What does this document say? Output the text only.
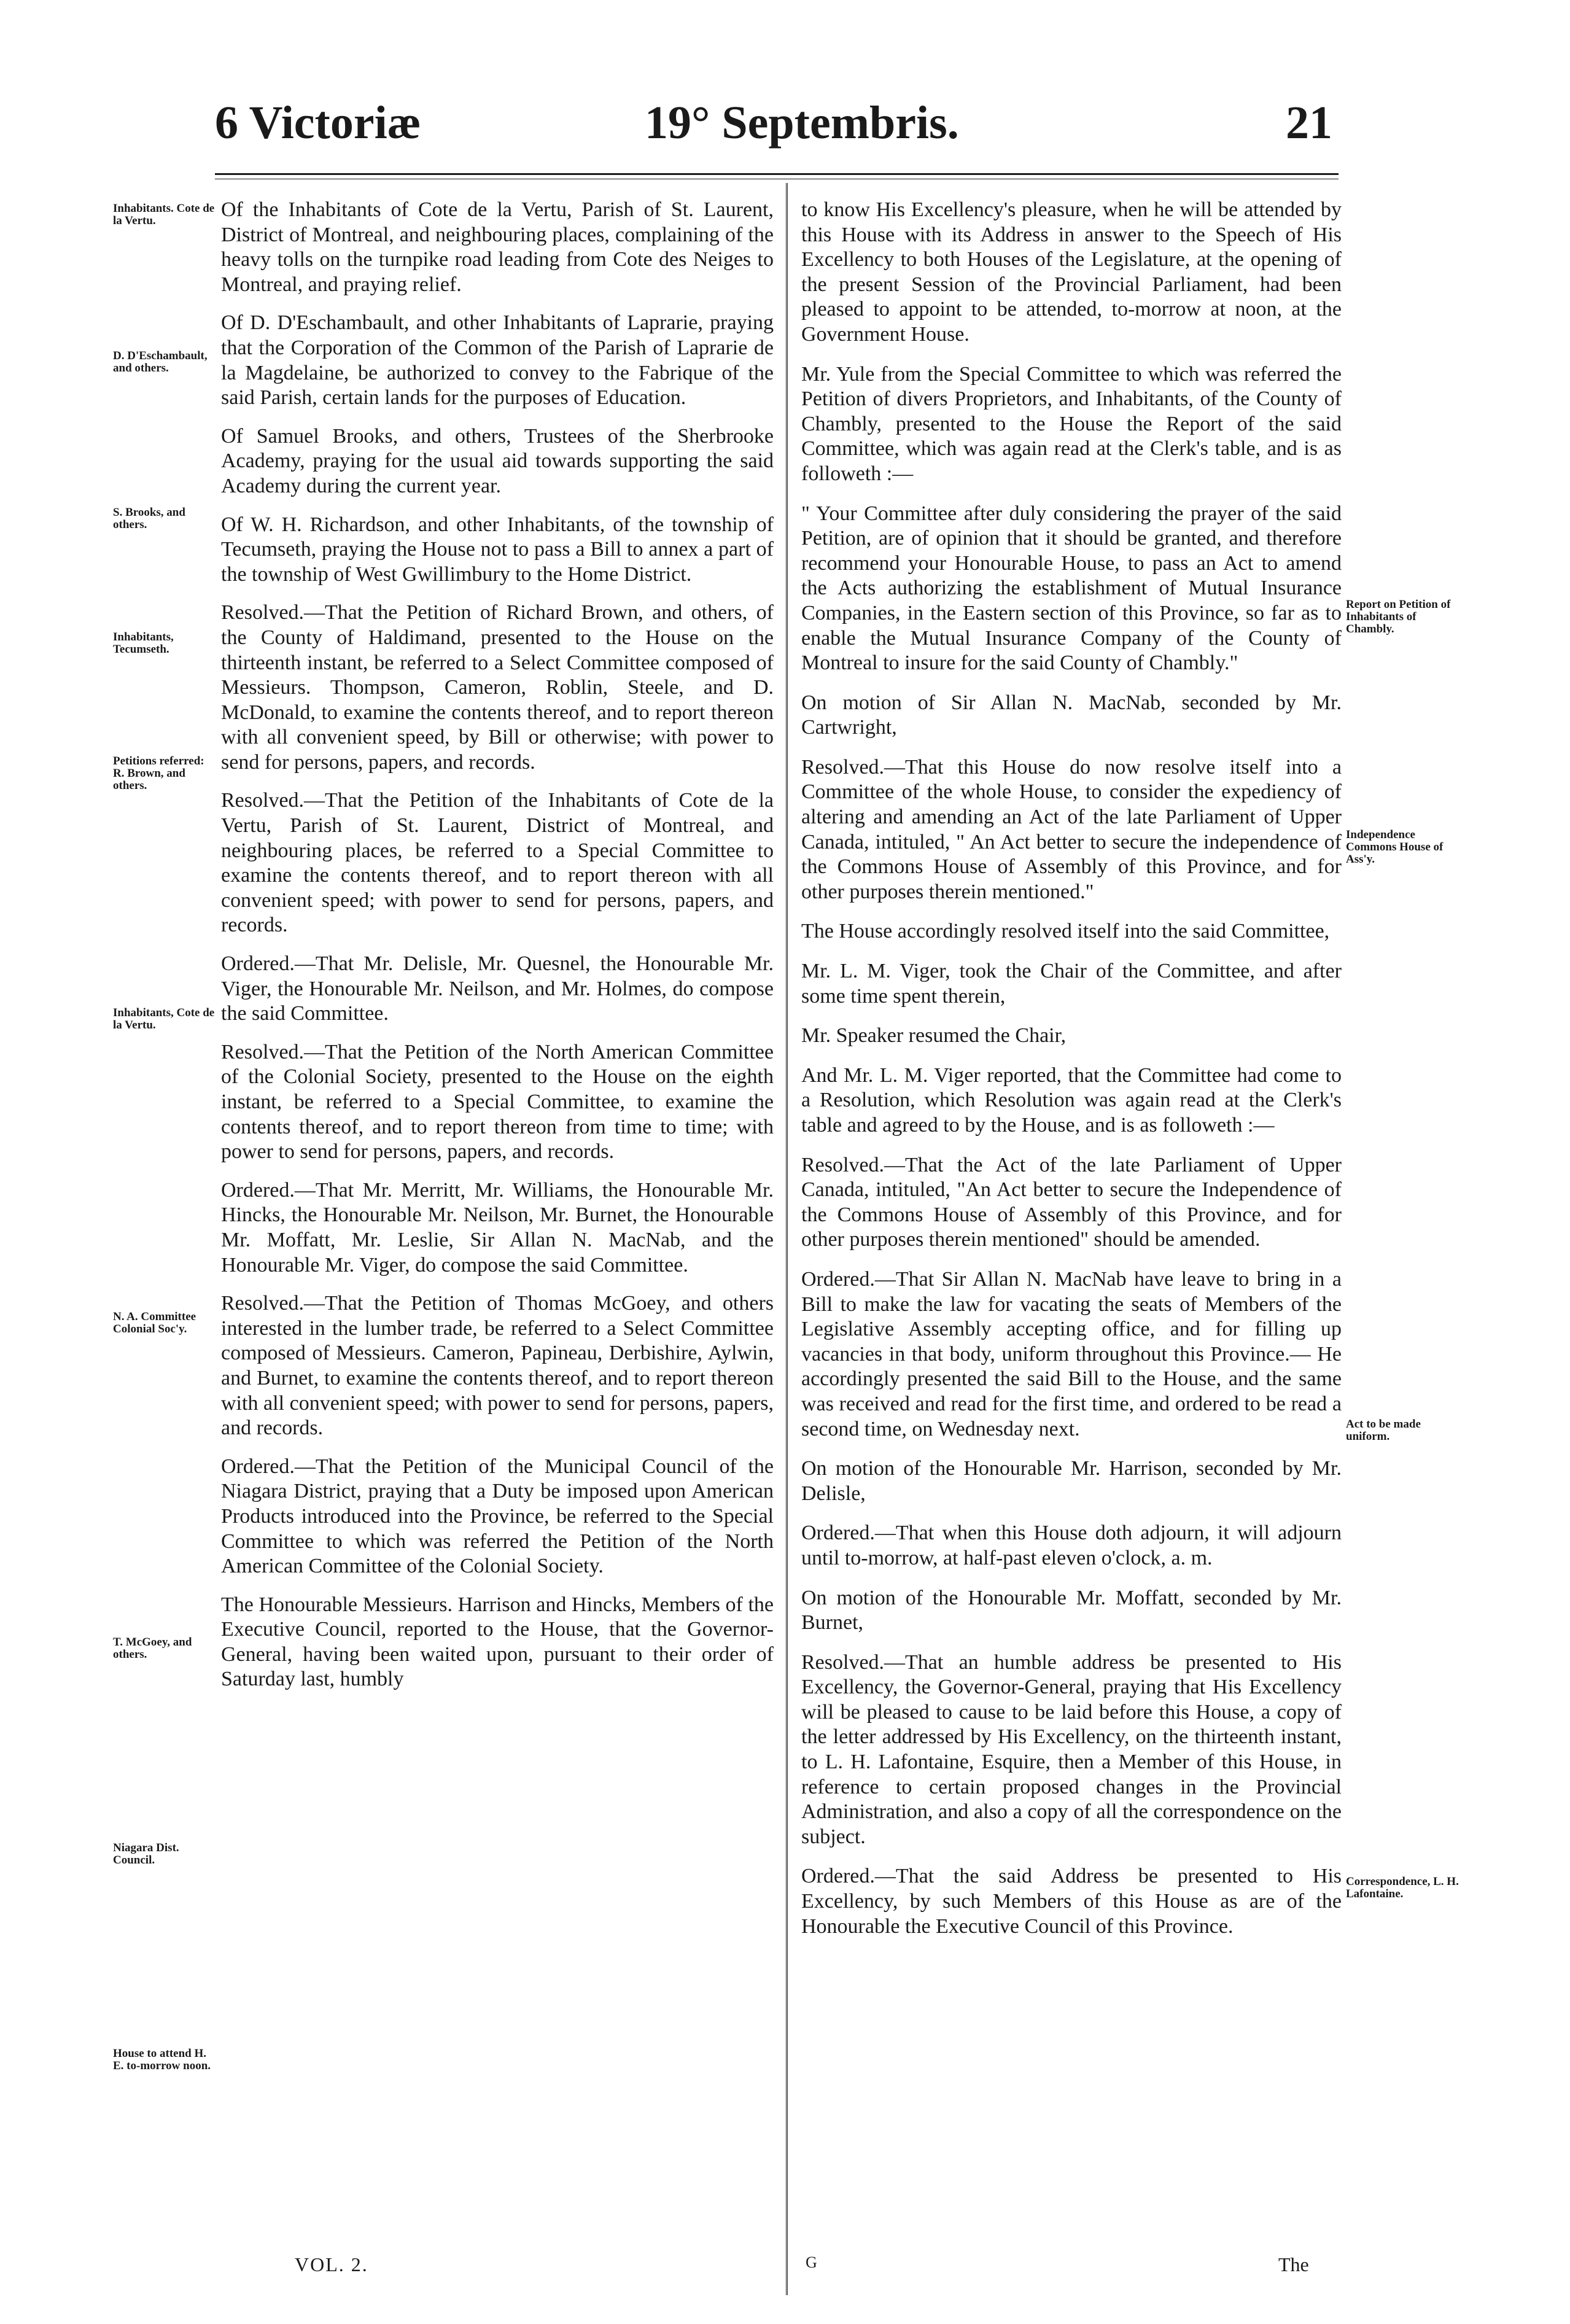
6 Victoriæ	19° Septembris.	21
Inhabitants. Cote de la Vertu.
D. D'Eschambault, and others.
S. Brooks, and others.
Inhabitants, Tecumseth.
Petitions referred: R. Brown, and others.
Inhabitants, Cote de la Vertu.
N. A. Committee Colonial Soc'y.
T. McGoey, and others.
Niagara Dist. Council.
House to attend H. E. to-morrow noon.

Of the Inhabitants of Cote de la Vertu, Parish of St. Laurent, District of Montreal, and neighbouring places, complaining of the heavy tolls on the turnpike road leading from Cote des Neiges to Montreal, and praying relief.

Of D. D'Eschambault, and other Inhabitants of Laprarie, praying that the Corporation of the Common of the Parish of Laprarie de la Magdelaine, be authorized to convey to the Fabrique of the said Parish, certain lands for the purposes of Education.

Of Samuel Brooks, and others, Trustees of the Sherbrooke Academy, praying for the usual aid towards supporting the said Academy during the current year.

Of W. H. Richardson, and other Inhabitants, of the township of Tecumseth, praying the House not to pass a Bill to annex a part of the township of West Gwillimbury to the Home District.

Resolved.—That the Petition of Richard Brown, and others, of the County of Haldimand, presented to the House on the thirteenth instant, be referred to a Select Committee composed of Messieurs. Thompson, Cameron, Roblin, Steele, and D. McDonald, to examine the contents thereof, and to report thereon with all convenient speed, by Bill or otherwise; with power to send for persons, papers, and records.

Resolved.—That the Petition of the Inhabitants of Cote de la Vertu, Parish of St. Laurent, District of Montreal, and neighbouring places, be referred to a Special Committee to examine the contents thereof, and to report thereon with all convenient speed; with power to send for persons, papers, and records.

Ordered.—That Mr. Delisle, Mr. Quesnel, the Honourable Mr. Viger, the Honourable Mr. Neilson, and Mr. Holmes, do compose the said Committee.

Resolved.—That the Petition of the North American Committee of the Colonial Society, presented to the House on the eighth instant, be referred to a Special Committee, to examine the contents thereof, and to report thereon from time to time; with power to send for persons, papers, and records.

Ordered.—That Mr. Merritt, Mr. Williams, the Honourable Mr. Hincks, the Honourable Mr. Neilson, Mr. Burnet, the Honourable Mr. Moffatt, Mr. Leslie, Sir Allan N. MacNab, and the Honourable Mr. Viger, do compose the said Committee.

Resolved.—That the Petition of Thomas McGoey, and others interested in the lumber trade, be referred to a Select Committee composed of Messieurs. Cameron, Papineau, Derbishire, Aylwin, and Burnet, to examine the contents thereof, and to report thereon with all convenient speed; with power to send for persons, papers, and records.

Ordered.—That the Petition of the Municipal Council of the Niagara District, praying that a Duty be imposed upon American Products introduced into the Province, be referred to the Special Committee to which was referred the Petition of the North American Committee of the Colonial Society.

The Honourable Messieurs. Harrison and Hincks, Members of the Executive Council, reported to the House, that the Governor-General, having been waited upon, pursuant to their order of Saturday last, humbly

to know His Excellency's pleasure, when he will be attended by this House with its Address in answer to the Speech of His Excellency to both Houses of the Legislature, at the opening of the present Session of the Provincial Parliament, had been pleased to appoint to be attended, to-morrow at noon, at the Government House.

Mr. Yule from the Special Committee to which was referred the Petition of divers Proprietors, and Inhabitants, of the County of Chambly, presented to the House the Report of the said Committee, which was again read at the Clerk's table, and is as followeth :—

" Your Committee after duly considering the prayer of the said Petition, are of opinion that it should be granted, and therefore recommend your Honourable House, to pass an Act to amend the Acts authorizing the establishment of Mutual Insurance Companies, in the Eastern section of this Province, so far as to enable the Mutual Insurance Company of the County of Montreal to insure for the said County of Chambly."

On motion of Sir Allan N. MacNab, seconded by Mr. Cartwright,

Resolved.—That this House do now resolve itself into a Committee of the whole House, to consider the expediency of altering and amending an Act of the late Parliament of Upper Canada, intituled, " An Act better to secure the independence of the Commons House of Assembly of this Province, and for other purposes therein mentioned."

The House accordingly resolved itself into the said Committee,

Mr. L. M. Viger, took the Chair of the Committee, and after some time spent therein,

Mr. Speaker resumed the Chair,

And Mr. L. M. Viger reported, that the Committee had come to a Resolution, which Resolution was again read at the Clerk's table and agreed to by the House, and is as followeth :—

Resolved.—That the Act of the late Parliament of Upper Canada, intituled, "An Act better to secure the Independence of the Commons House of Assembly of this Province, and for other purposes therein mentioned" should be amended.

Ordered.—That Sir Allan N. MacNab have leave to bring in a Bill to make the law for vacating the seats of Members of the Legislative Assembly accepting office, and for filling up vacancies in that body, uniform throughout this Province.— He accordingly presented the said Bill to the House, and the same was received and read for the first time, and ordered to be read a second time, on Wednesday next.

On motion of the Honourable Mr. Harrison, seconded by Mr. Delisle,

Ordered.—That when this House doth adjourn, it will adjourn until to-morrow, at half-past eleven o'clock, a. m.

On motion of the Honourable Mr. Moffatt, seconded by Mr. Burnet,

Resolved.—That an humble address be presented to His Excellency, the Governor-General, praying that His Excellency will be pleased to cause to be laid before this House, a copy of the letter addressed by His Excellency, on the thirteenth instant, to L. H. Lafontaine, Esquire, then a Member of this House, in reference to certain proposed changes in the Provincial Administration, and also a copy of all the correspondence on the subject.

Ordered.—That the said Address be presented to His Excellency, by such Members of this House as are of the Honourable the Executive Council of this Province.

Report on Petition of Inhabitants of Chambly.
Independence Commons House of Ass'y.
Act to be made uniform.
Correspondence, L. H. Lafontaine.
VOL. 2.	G	The
